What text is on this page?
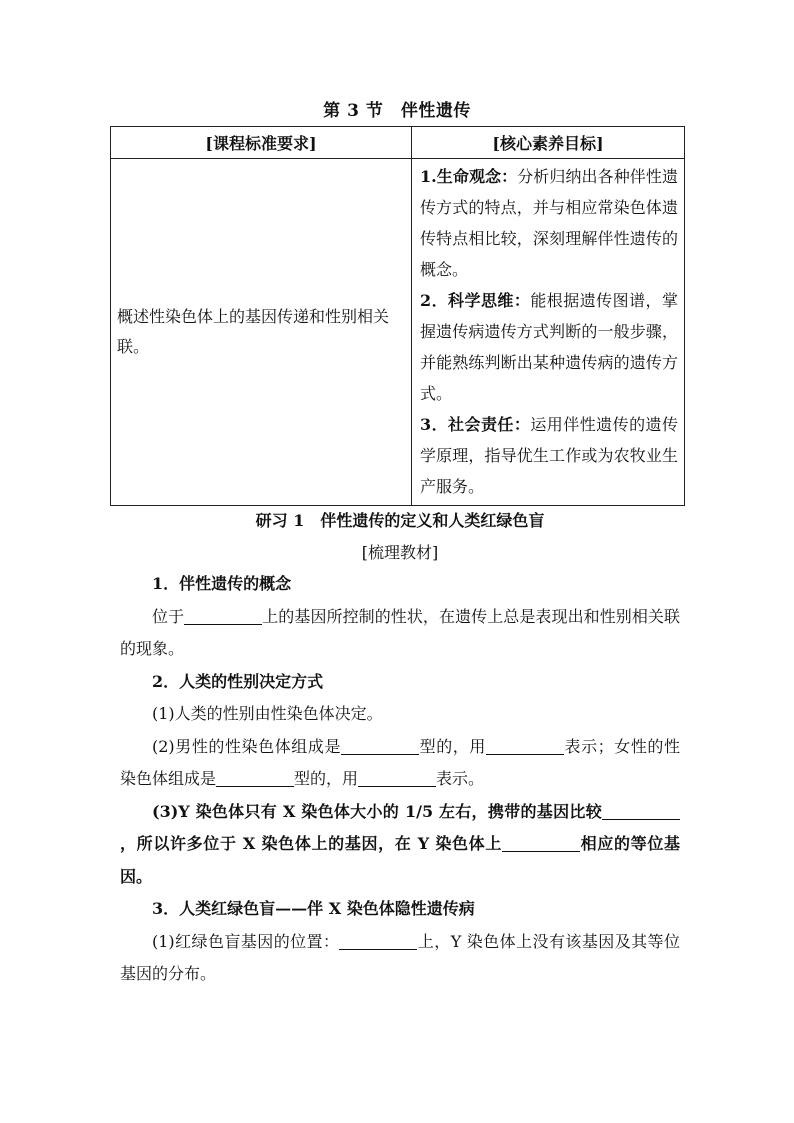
第 3 节　伴性遗传
[课程标准要求]	[核心素养目标]
概述性染色体上的基因传递和性别相关联。	1.生命观念：分析归纳出各种伴性遗传方式的特点，并与相应常染色体遗传特点相比较，深刻理解伴性遗传的概念。
2．科学思维：能根据遗传图谱，掌握遗传病遗传方式判断的一般步骤，并能熟练判断出某种遗传病的遗传方式。
3．社会责任：运用伴性遗传的遗传学原理，指导优生工作或为农牧业生产服务。
研习 1　伴性遗传的定义和人类红绿色盲
[梳理教材]

1．伴性遗传的概念

位于	上的基因所控制的性状，在遗传上总是表现出和性别相关联的现象。

2．人类的性别决定方式

(1)人类的性别由性染色体决定。

(2)男性的性染色体组成是	型的，用	表示；女性的性染色体组成是	型的，用	表示。

(3)Y 染色体只有 X 染色体大小的 1/5 左右，携带的基因比较，所以许多位于 X 染色体上的基因，在 Y 染色体上	相应的等位基因。

3．人类红绿色盲——伴 X 染色体隐性遗传病

(1)红绿色盲基因的位置：	上，Y 染色体上没有该基因及其等位基因的分布。
